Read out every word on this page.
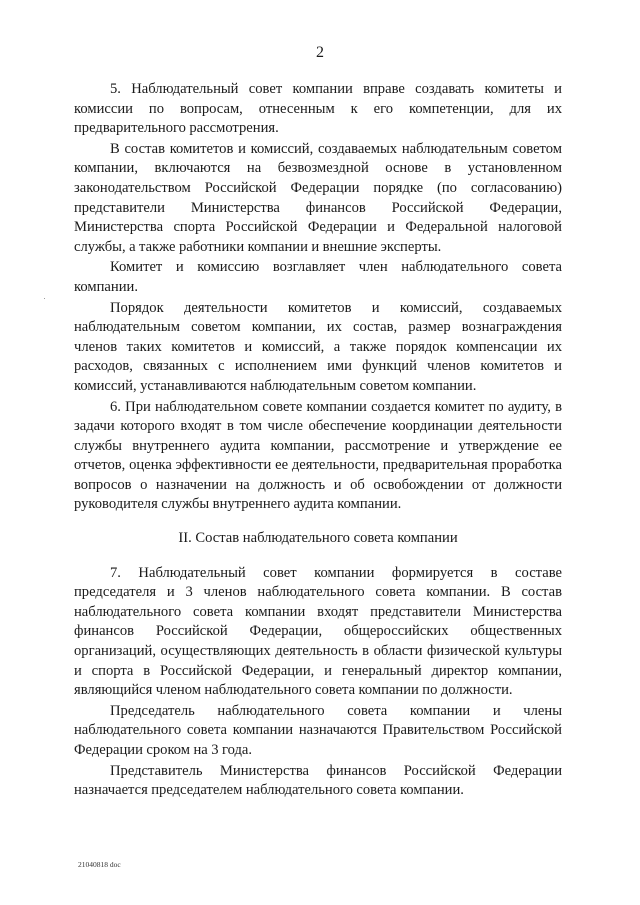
2

5. Наблюдательный совет компании вправе создавать комитеты и комиссии по вопросам, отнесенным к его компетенции, для их предварительного рассмотрения.

В состав комитетов и комиссий, создаваемых наблюдательным советом компании, включаются на безвозмездной основе в установленном законодательством Российской Федерации порядке (по согласованию) представители Министерства финансов Российской Федерации, Министерства спорта Российской Федерации и Федеральной налоговой службы, а также работники компании и внешние эксперты.

Комитет и комиссию возглавляет член наблюдательного совета компании.

Порядок деятельности комитетов и комиссий, создаваемых наблюдательным советом компании, их состав, размер вознаграждения членов таких комитетов и комиссий, а также порядок компенсации их расходов, связанных с исполнением ими функций членов комитетов и комиссий, устанавливаются наблюдательным советом компании.

6. При наблюдательном совете компании создается комитет по аудиту, в задачи которого входят в том числе обеспечение координации деятельности службы внутреннего аудита компании, рассмотрение и утверждение ее отчетов, оценка эффективности ее деятельности, предварительная проработка вопросов о назначении на должность и об освобождении от должности руководителя службы внутреннего аудита компании.

II. Состав наблюдательного совета компании

7. Наблюдательный совет компании формируется в составе председателя и 3 членов наблюдательного совета компании. В состав наблюдательного совета компании входят представители Министерства финансов Российской Федерации, общероссийских общественных организаций, осуществляющих деятельность в области физической культуры и спорта в Российской Федерации, и генеральный директор компании, являющийся членом наблюдательного совета компании по должности.

Председатель наблюдательного совета компании и члены наблюдательного совета компании назначаются Правительством Российской Федерации сроком на 3 года.

Представитель Министерства финансов Российской Федерации назначается председателем наблюдательного совета компании.

21040818 doc
